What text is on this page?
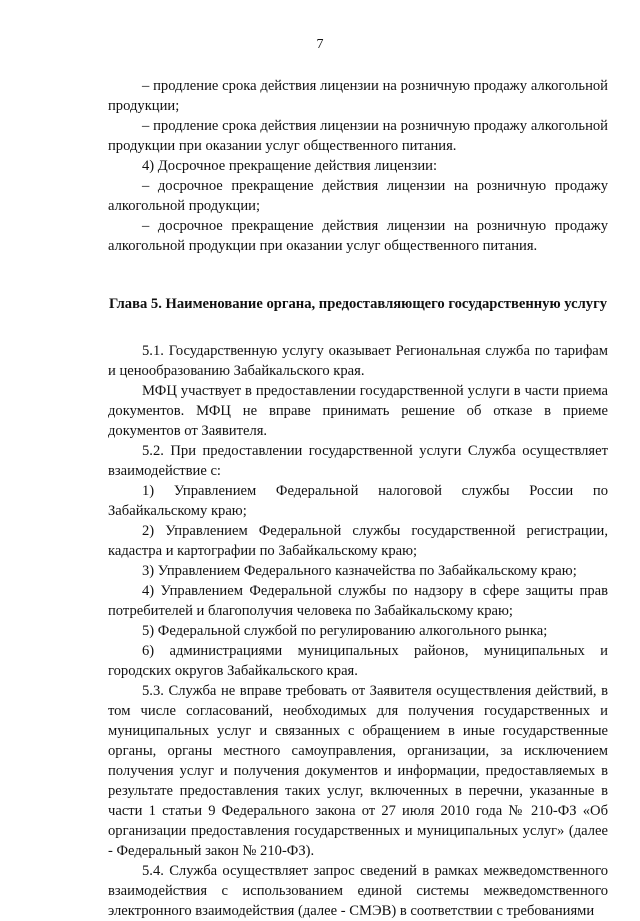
7

– продление срока действия лицензии на розничную продажу алкогольной продукции;

– продление срока действия лицензии на розничную продажу алкогольной продукции при оказании услуг общественного питания.

4) Досрочное прекращение действия лицензии:

– досрочное прекращение действия лицензии на розничную продажу алкогольной продукции;

– досрочное прекращение действия лицензии на розничную продажу алкогольной продукции при оказании услуг общественного питания.

Глава 5. Наименование органа, предоставляющего государственную услугу

5.1. Государственную услугу оказывает Региональная служба по тарифам и ценообразованию Забайкальского края.

МФЦ участвует в предоставлении государственной услуги в части приема документов. МФЦ не вправе принимать решение об отказе в приеме документов от Заявителя.

5.2. При предоставлении государственной услуги Служба осуществляет взаимодействие с:

1) Управлением Федеральной налоговой службы России по Забайкальскому краю;

2) Управлением Федеральной службы государственной регистрации, кадастра и картографии по Забайкальскому краю;

3) Управлением Федерального казначейства по Забайкальскому краю;

4) Управлением Федеральной службы по надзору в сфере защиты прав потребителей и благополучия человека по Забайкальскому краю;

5) Федеральной службой по регулированию алкогольного рынка;

6) администрациями муниципальных районов, муниципальных и городских округов Забайкальского края.

5.3. Служба не вправе требовать от Заявителя осуществления действий, в том числе согласований, необходимых для получения государственных и муниципальных услуг и связанных с обращением в иные государственные органы, органы местного самоуправления, организации, за исключением получения услуг и получения документов и информации, предоставляемых в результате предоставления таких услуг, включенных в перечни, указанные в части 1 статьи 9 Федерального закона от 27 июля 2010 года № 210-ФЗ «Об организации предоставления государственных и муниципальных услуг» (далее - Федеральный закон № 210-ФЗ).

5.4. Служба осуществляет запрос сведений в рамках межведомственного взаимодействия с использованием единой системы межведомственного электронного взаимодействия (далее - СМЭВ) в соответствии с требованиями
